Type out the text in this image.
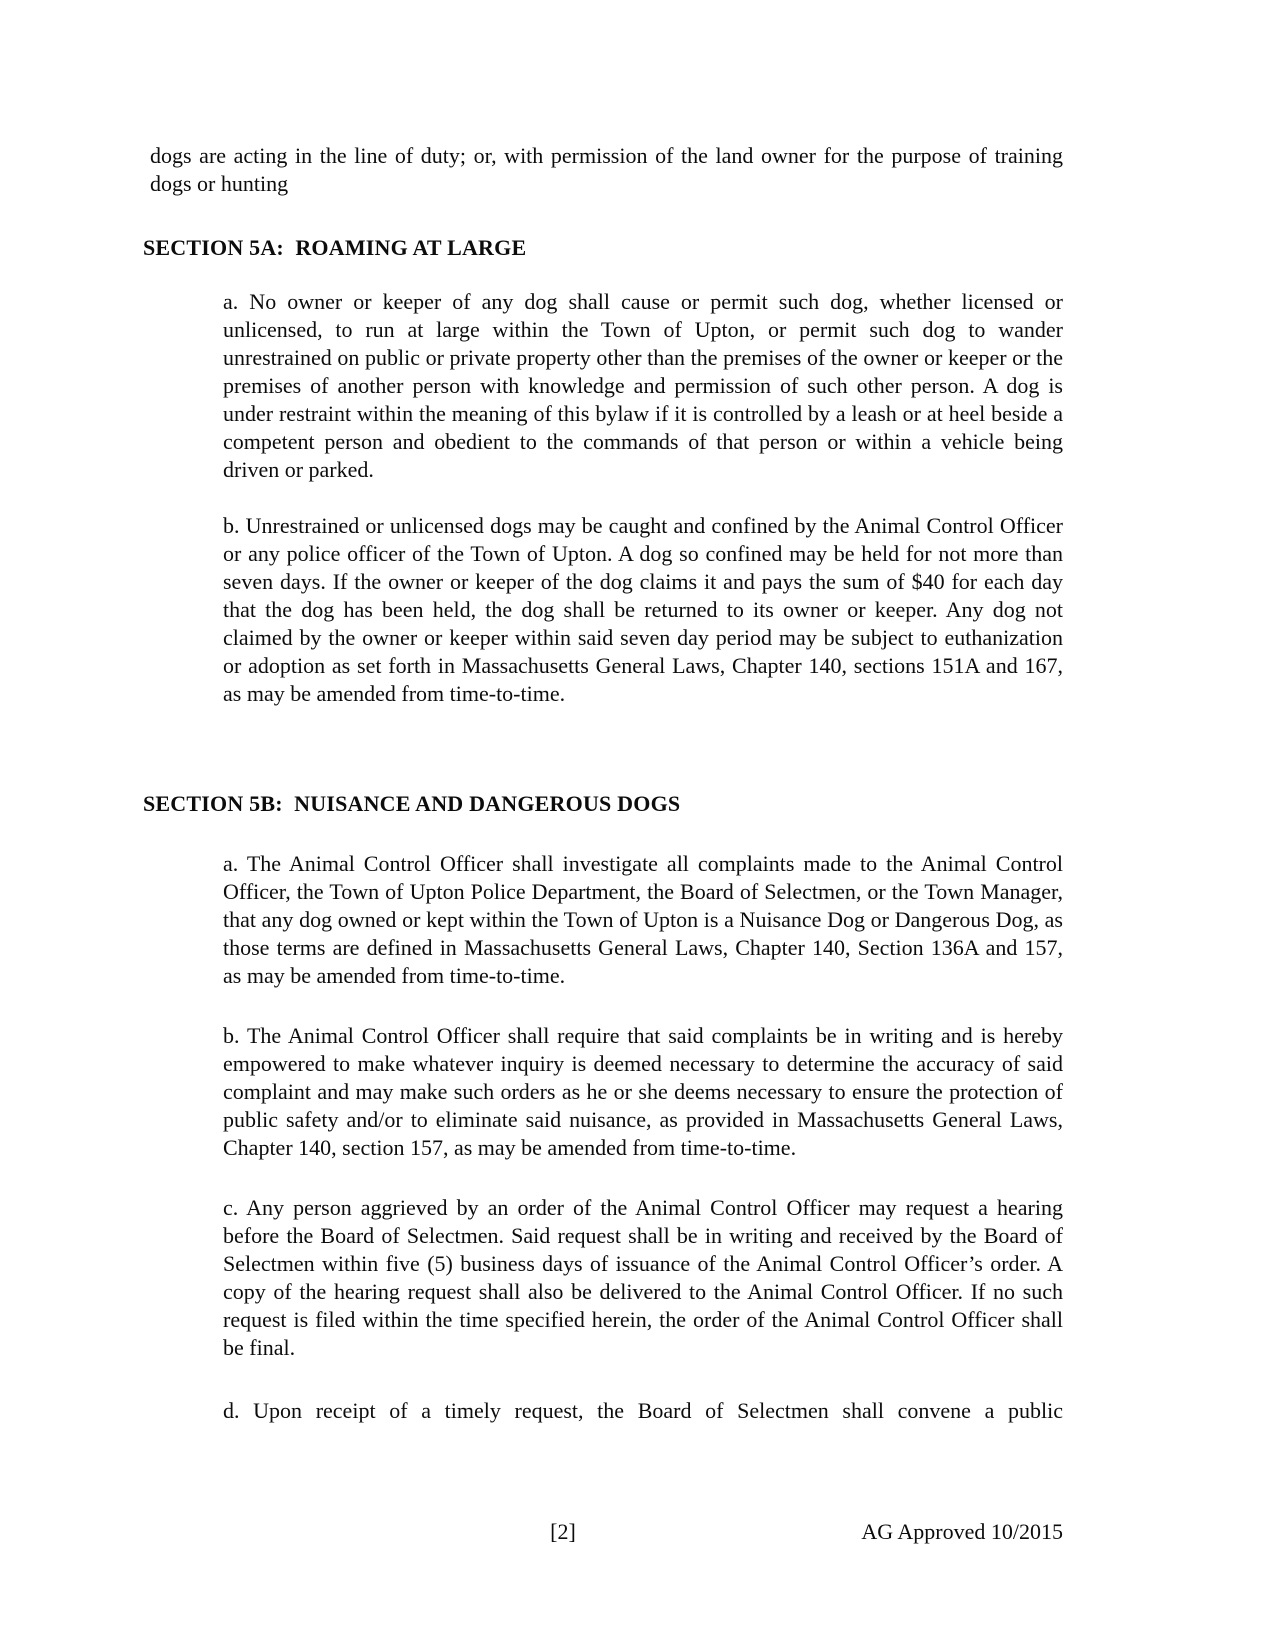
dogs are acting in the line of duty; or, with permission of the land owner for the purpose of training dogs or hunting

SECTION 5A:  ROAMING AT LARGE

a. No owner or keeper of any dog shall cause or permit such dog, whether licensed or unlicensed, to run at large within the Town of Upton, or permit such dog to wander unrestrained on public or private property other than the premises of the owner or keeper or the premises of another person with knowledge and permission of such other person. A dog is under restraint within the meaning of this bylaw if it is controlled by a leash or at heel beside a competent person and obedient to the commands of that person or within a vehicle being driven or parked.

b. Unrestrained or unlicensed dogs may be caught and confined by the Animal Control Officer or any police officer of the Town of Upton. A dog so confined may be held for not more than seven days. If the owner or keeper of the dog claims it and pays the sum of $40 for each day that the dog has been held, the dog shall be returned to its owner or keeper. Any dog not claimed by the owner or keeper within said seven day period may be subject to euthanization or adoption as set forth in Massachusetts General Laws, Chapter 140, sections 151A and 167, as may be amended from time-to-time.

SECTION 5B:  NUISANCE AND DANGEROUS DOGS

a. The Animal Control Officer shall investigate all complaints made to the Animal Control Officer, the Town of Upton Police Department, the Board of Selectmen, or the Town Manager, that any dog owned or kept within the Town of Upton is a Nuisance Dog or Dangerous Dog, as those terms are defined in Massachusetts General Laws, Chapter 140, Section 136A and 157, as may be amended from time-to-time.

b. The Animal Control Officer shall require that said complaints be in writing and is hereby empowered to make whatever inquiry is deemed necessary to determine the accuracy of said complaint and may make such orders as he or she deems necessary to ensure the protection of public safety and/or to eliminate said nuisance, as provided in Massachusetts General Laws, Chapter 140, section 157, as may be amended from time-to-time.

c. Any person aggrieved by an order of the Animal Control Officer may request a hearing before the Board of Selectmen. Said request shall be in writing and received by the Board of Selectmen within five (5) business days of issuance of the Animal Control Officer’s order. A copy of the hearing request shall also be delivered to the Animal Control Officer. If no such request is filed within the time specified herein, the order of the Animal Control Officer shall be final.

d. Upon receipt of a timely request, the Board of Selectmen shall convene a public

[2]	AG Approved 10/2015
